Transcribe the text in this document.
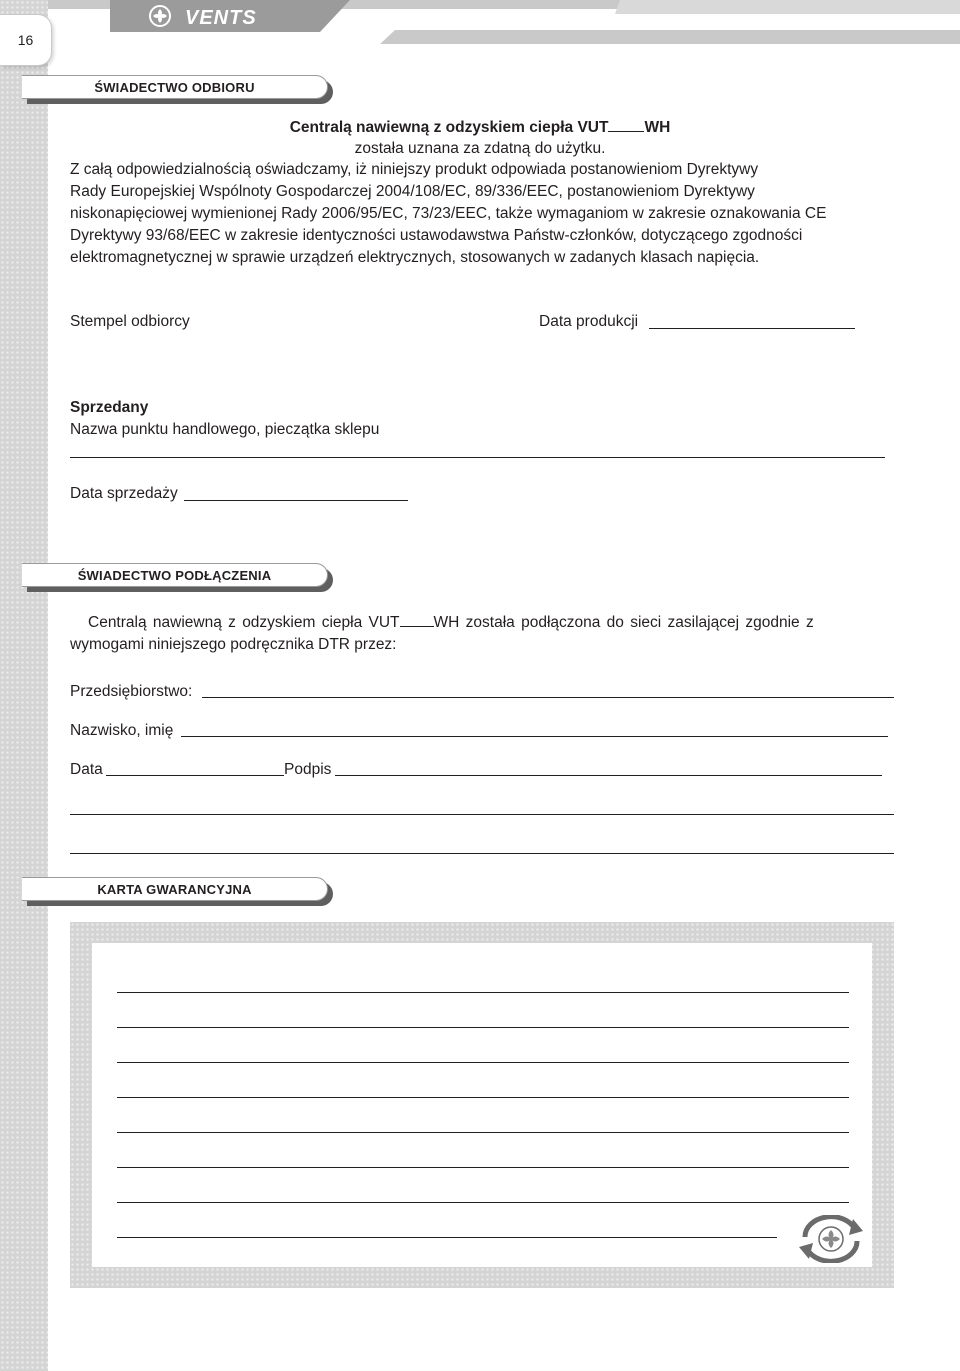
VENTS
16
ŚWIADECTWO ODBIORU
Centralą nawiewną z odzyskiem ciepła VUT WH
została uznana za zdatną do użytku.
Z całą odpowiedzialnością oświadczamy, iż niniejszy produkt odpowiada postanowieniom Dyrektywy
Rady Europejskiej Wspólnoty Gospodarczej 2004/108/EC, 89/336/EEC, postanowieniom Dyrektywy
niskonapięciowej wymienionej Rady 2006/95/EC, 73/23/EEC, także wymaganiom w zakresie oznakowania CE
Dyrektywy 93/68/EEC w zakresie identyczności ustawodawstwa Państw-członków, dotyczącego zgodności
elektromagnetycznej w sprawie urządzeń elektrycznych, stosowanych w zadanych klasach napięcia.
Stempel odbiorcy	Data produkcji
Sprzedany
Nazwa punktu handlowego, pieczątka sklepu
Data sprzedaży
ŚWIADECTWO PODŁĄCZENIA
Centralą nawiewną z odzyskiem ciepła VUT WH została podłączona do sieci zasilającej zgodnie z
wymogami niniejszego podręcznika DTR przez:
Przedsiębiorstwo:
Nazwisko, imię
Data	Podpis
KARTA GWARANCYJNA
